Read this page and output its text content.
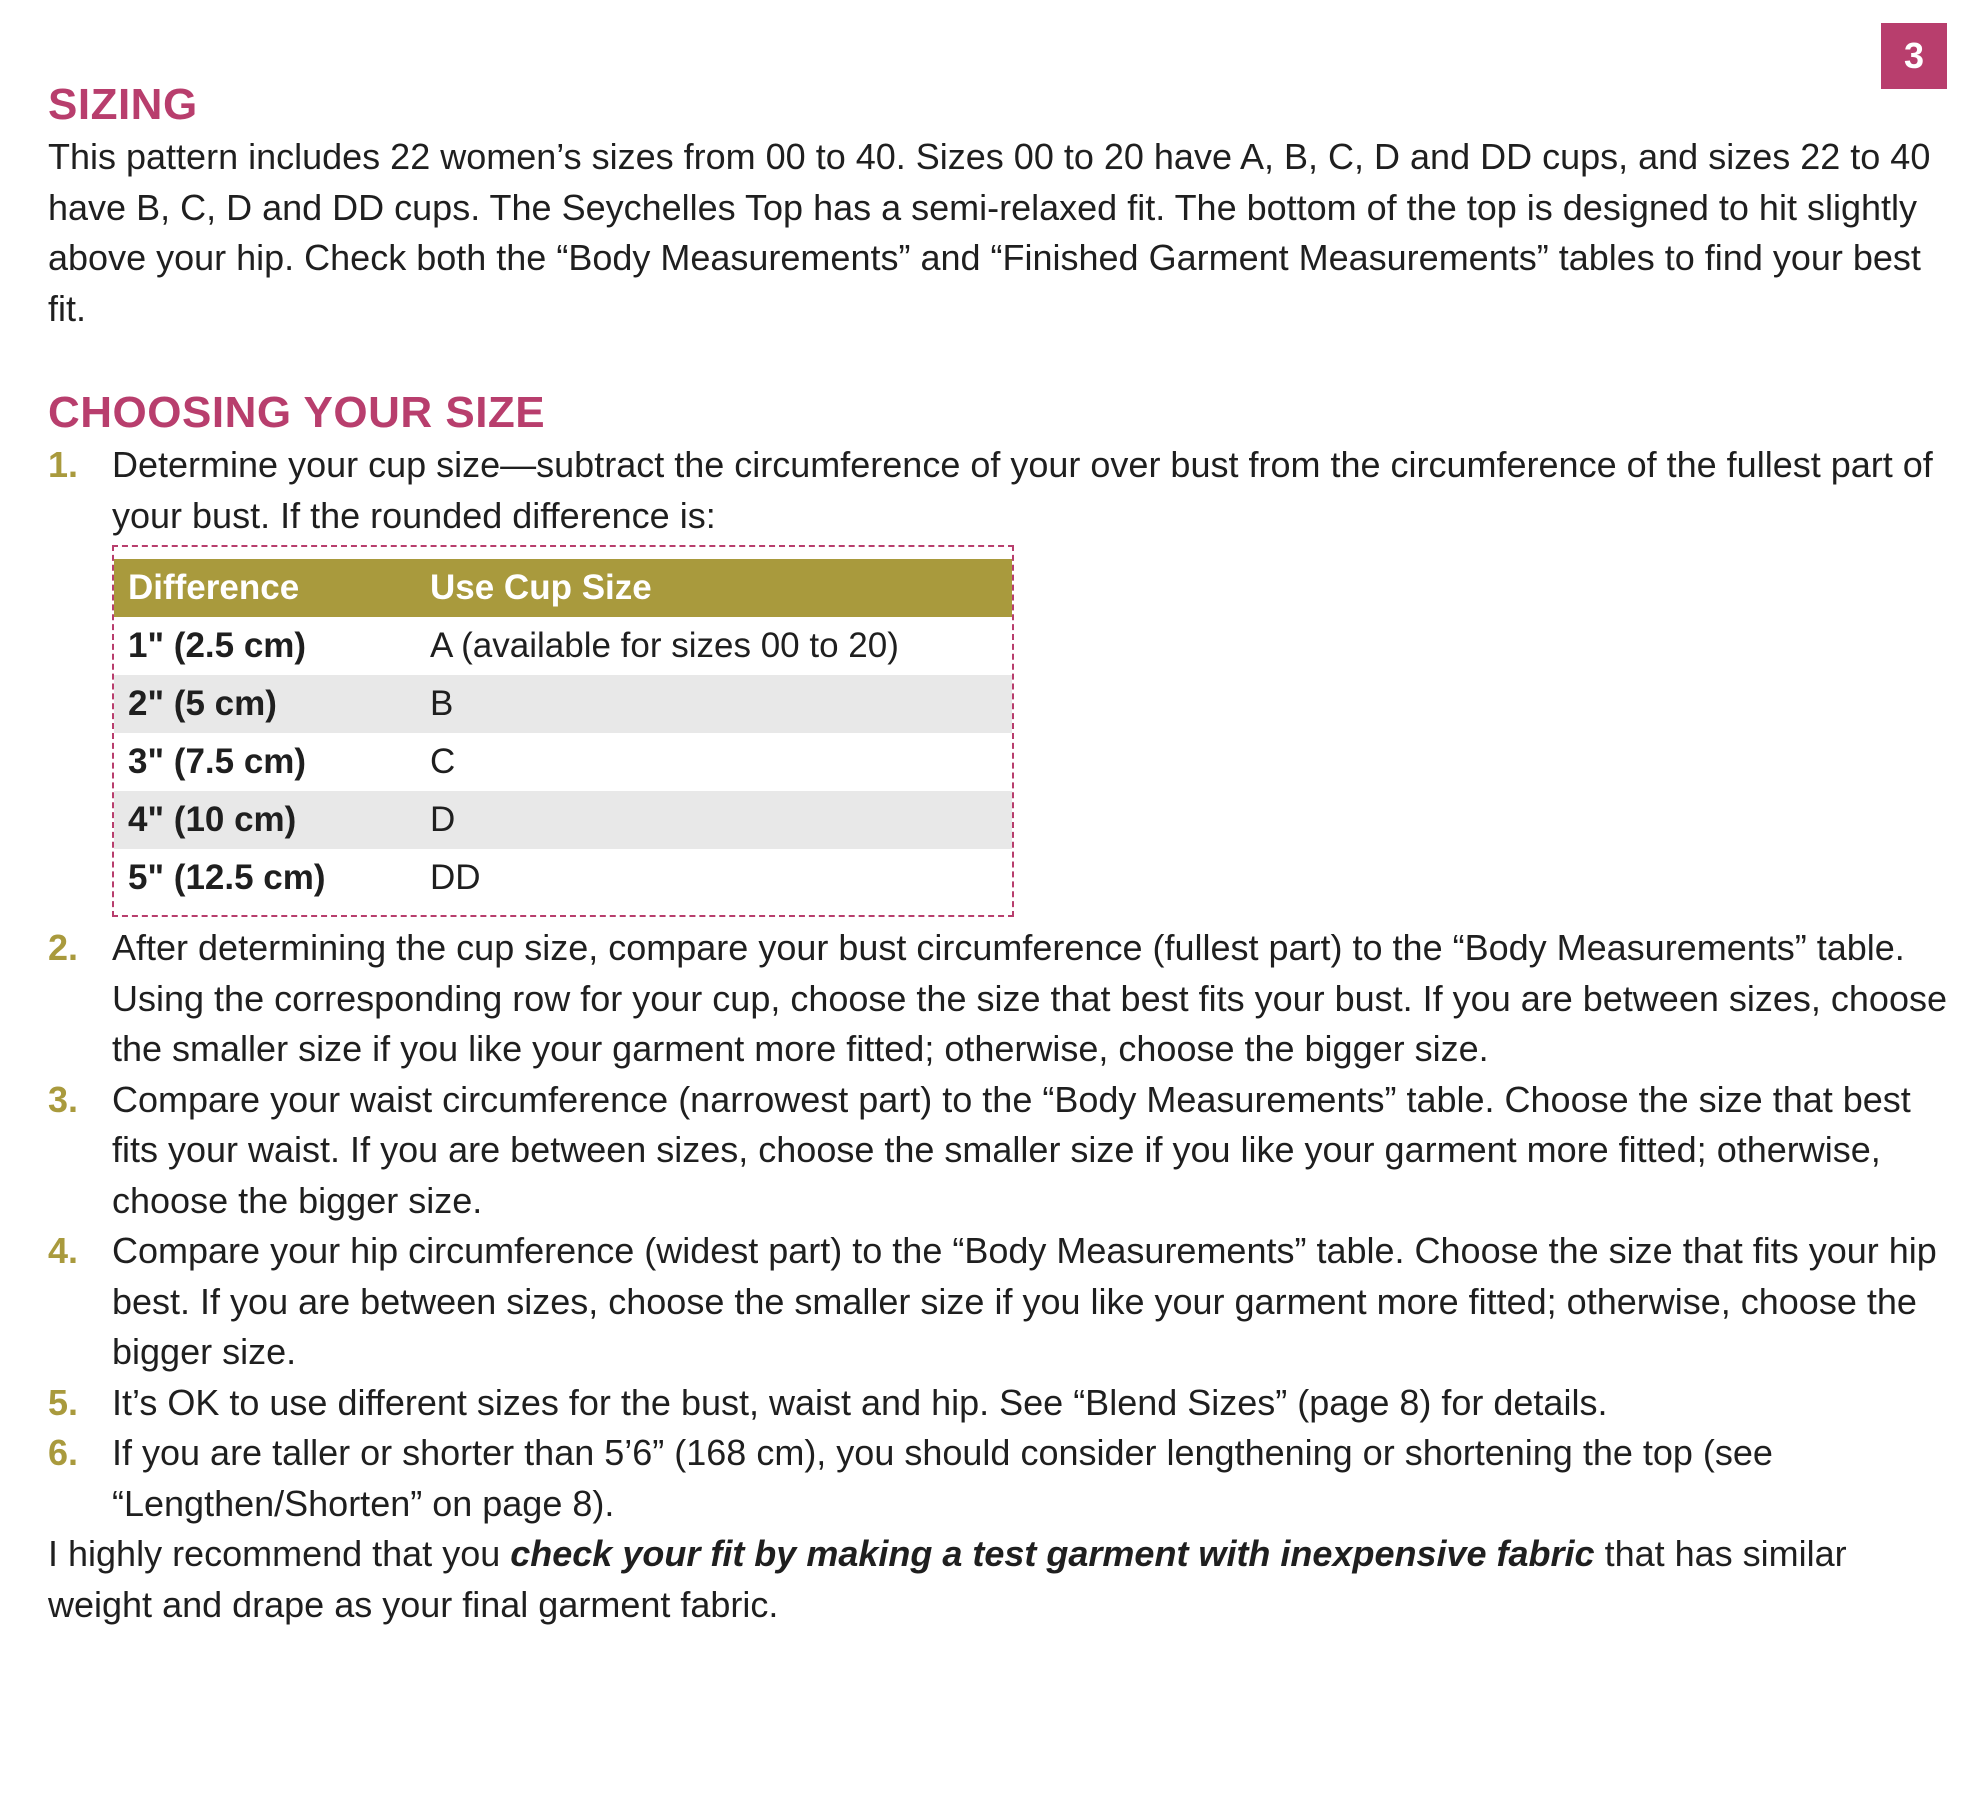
3
SIZING

This pattern includes 22 women’s sizes from 00 to 40. Sizes 00 to 20 have A, B, C, D and DD cups, and sizes 22 to 40 have B, C, D and DD cups. The Seychelles Top has a semi-relaxed fit. The bottom of the top is designed to hit slightly above your hip. Check both the “Body Measurements” and “Finished Garment Measurements” tables to find your best fit.

CHOOSING YOUR SIZE
1. Determine your cup size—subtract the circumference of your over bust from the circumference of the fullest part of your bust. If the rounded difference is:
Difference	Use Cup Size
1" (2.5 cm)	A (available for sizes 00 to 20)
2" (5 cm)	B
3" (7.5 cm)	C
4" (10 cm)	D
5" (12.5 cm)	DD
2. After determining the cup size, compare your bust circumference (fullest part) to the “Body Measurements” table. Using the corresponding row for your cup, choose the size that best fits your bust. If you are between sizes, choose the smaller size if you like your garment more fitted; otherwise, choose the bigger size.
3. Compare your waist circumference (narrowest part) to the “Body Measurements” table. Choose the size that best fits your waist. If you are between sizes, choose the smaller size if you like your garment more fitted; otherwise, choose the bigger size.
4. Compare your hip circumference (widest part) to the “Body Measurements” table. Choose the size that fits your hip best. If you are between sizes, choose the smaller size if you like your garment more fitted; otherwise, choose the bigger size.
5. It’s OK to use different sizes for the bust, waist and hip. See “Blend Sizes” (page 8) for details.
6. If you are taller or shorter than 5’6” (168 cm), you should consider lengthening or shortening the top (see “Lengthen/Shorten” on page 8).

I highly recommend that you check your fit by making a test garment with inexpensive fabric that has similar weight and drape as your final garment fabric.
